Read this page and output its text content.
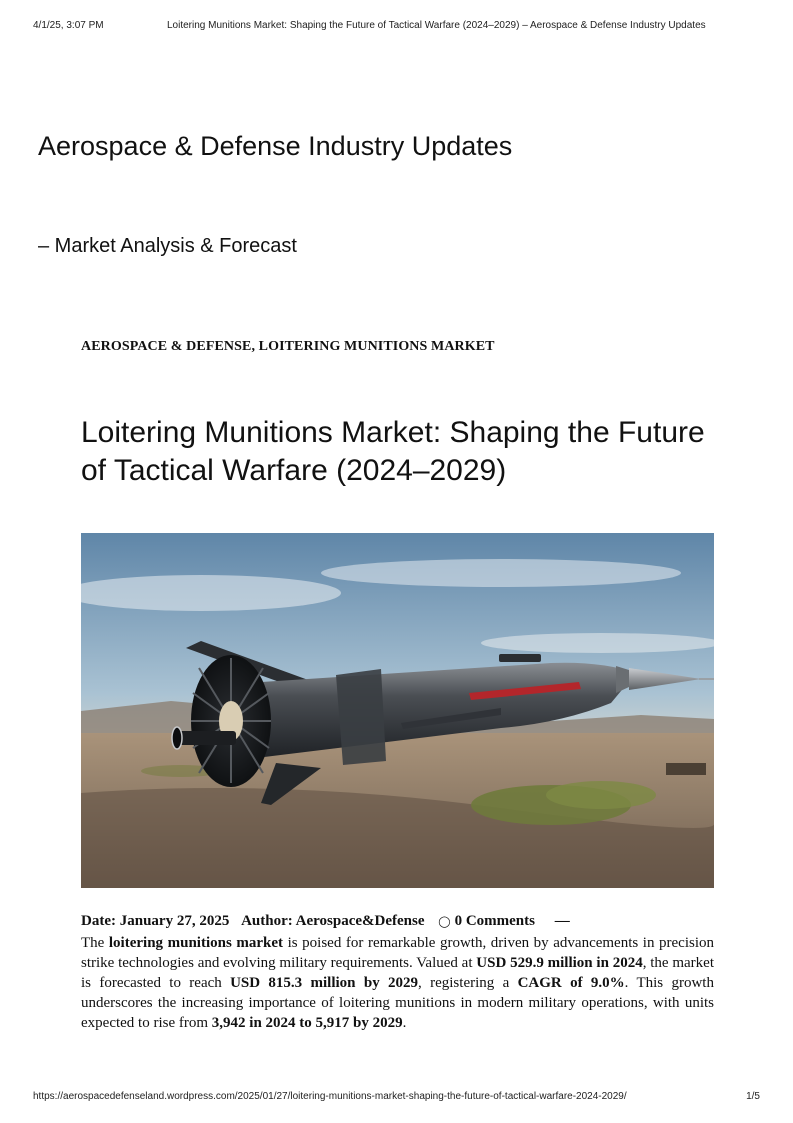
4/1/25, 3:07 PM	Loitering Munitions Market: Shaping the Future of Tactical Warfare (2024–2029) – Aerospace & Defense Industry Updates
Aerospace & Defense Industry Updates
– Market Analysis & Forecast
AEROSPACE & DEFENSE, LOITERING MUNITIONS MARKET
Loitering Munitions Market: Shaping the Future of Tactical Warfare (2024–2029)
Date: January 27, 2025 Author: Aerospace&Defense ◯ 0 Comments —

The loitering munitions market is poised for remarkable growth, driven by advancements in precision strike technologies and evolving military requirements. Valued at USD 529.9 million in 2024, the market is forecasted to reach USD 815.3 million by 2029, registering a CAGR of 9.0%. This growth underscores the increasing importance of loitering munitions in modern military operations, with units expected to rise from 3,942 in 2024 to 5,917 by 2029.

https://aerospacedefenseland.wordpress.com/2025/01/27/loitering-munitions-market-shaping-the-future-of-tactical-warfare-2024-2029/	1/5
